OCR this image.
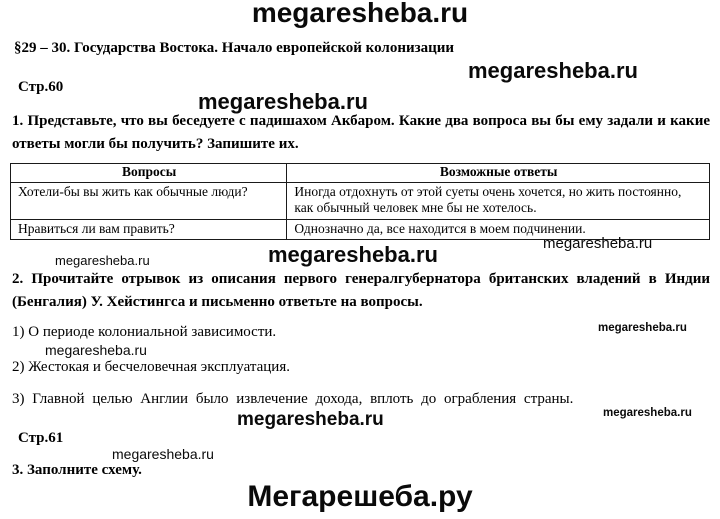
megaresheba.ru
§29 – 30. Государства Востока. Начало европейской колонизации
megaresheba.ru
Стр.60
megaresheba.ru
1. Представьте, что вы беседуете с падишахом Акбаром. Какие два вопроса вы бы ему задали и какие ответы могли бы получить? Запишите их.
Вопросы	Возможные ответы
Хотели-бы вы жить как обычные люди?	Иногда отдохнуть от этой суеты очень хочется, но жить постоянно, как обычный человек мне бы не хотелось.
Нравиться ли вам править?	Однозначно да, все находится в моем подчинении.
megaresheba.ru
megaresheba.ru
megaresheba.ru
2. Прочитайте отрывок из описания первого генералгубернатора британских владений в Индии (Бенгалия) У. Хейстингса и письменно ответьте на вопросы.
1) О периоде колониальной зависимости.	megaresheba.ru
megaresheba.ru
2) Жестокая и бесчеловечная эксплуатация.
3) Главной целью Англии было извлечение дохода, вплоть до ограбления страны.
megaresheba.ru	megaresheba.ru
Стр.61
megaresheba.ru
3. Заполните схему.
Мегарешеба.ру
